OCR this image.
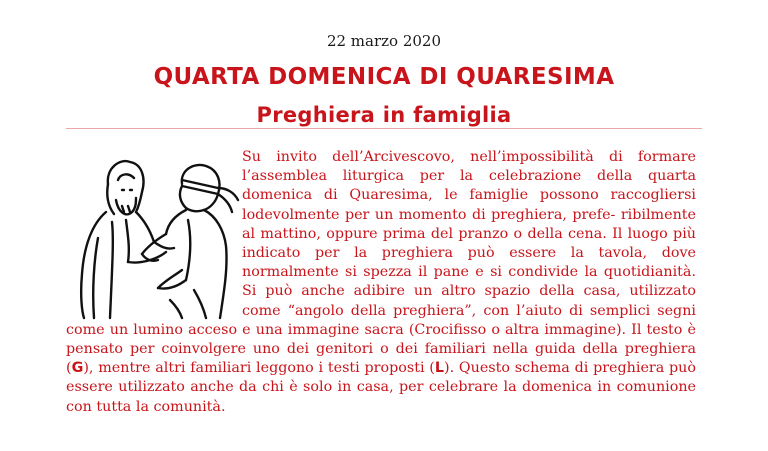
22 marzo 2020
QUARTA DOMENICA DI QUARESIMA
Preghiera in famiglia

Su invito dell’Arcivescovo, nell’impossibilità di formare l’assemblea liturgica per la celebrazione della quarta domenica di Quaresima, le famiglie possono raccogliersi lodevolmente per un momento di preghiera, prefe- ribilmente al mattino, oppure prima del pranzo o della cena. Il luogo più indicato per la preghiera può essere la tavola, dove normalmente si spezza il pane e si condivide la quotidianità. Si può anche adibire un altro spazio della casa, utilizzato come “angolo della preghiera”, con l’aiuto di semplici segni come un lumino acceso e una immagine sacra (Crocifisso o altra immagine). Il testo è pensato per coinvolgere uno dei genitori o dei familiari nella guida della preghiera (G), mentre altri familiari leggono i testi proposti (L). Questo schema di preghiera può essere utilizzato anche da chi è solo in casa, per celebrare la domenica in comunione con tutta la comunità.
